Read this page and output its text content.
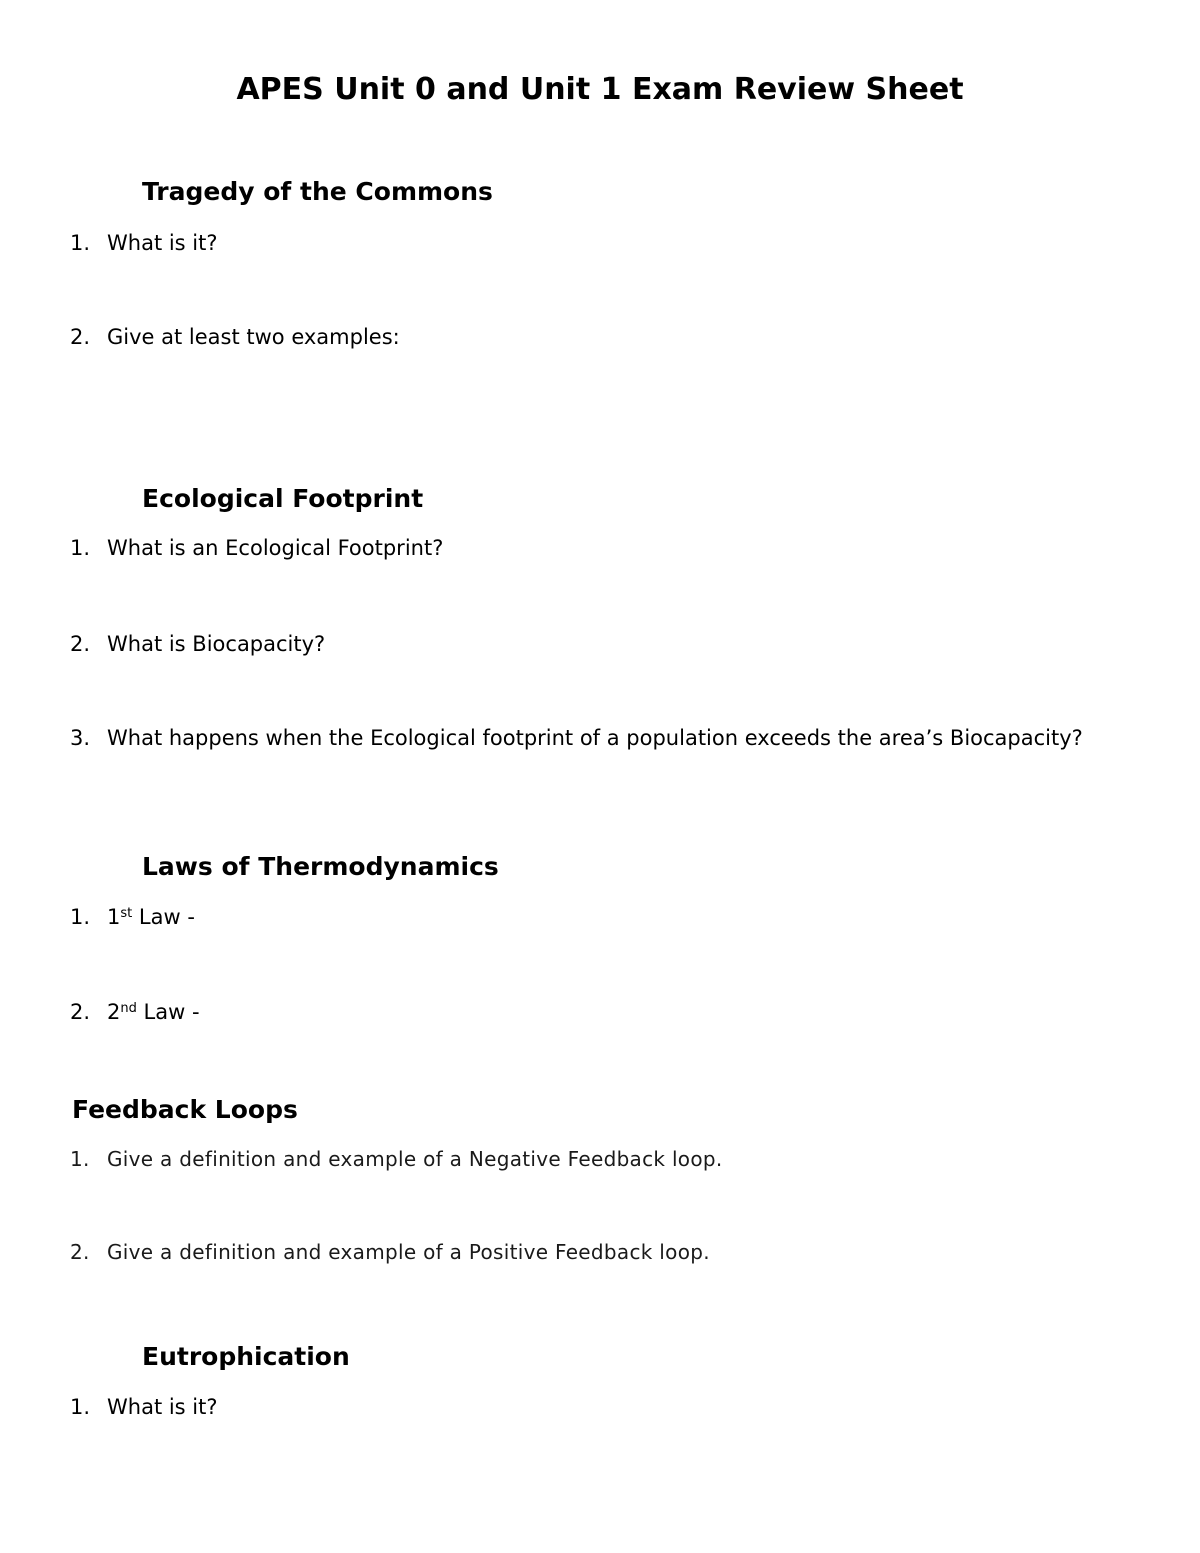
APES Unit 0 and Unit 1 Exam Review Sheet
Tragedy of the Commons
1. What is it?
2. Give at least two examples:
Ecological Footprint
1. What is an Ecological Footprint?
2. What is Biocapacity?
3. What happens when the Ecological footprint of a population exceeds the area’s Biocapacity?
Laws of Thermodynamics
1. 1st Law -
2. 2nd Law -
Feedback Loops
1. Give a definition and example of a Negative Feedback loop.
2. Give a definition and example of a Positive Feedback loop.
Eutrophication
1. What is it?
